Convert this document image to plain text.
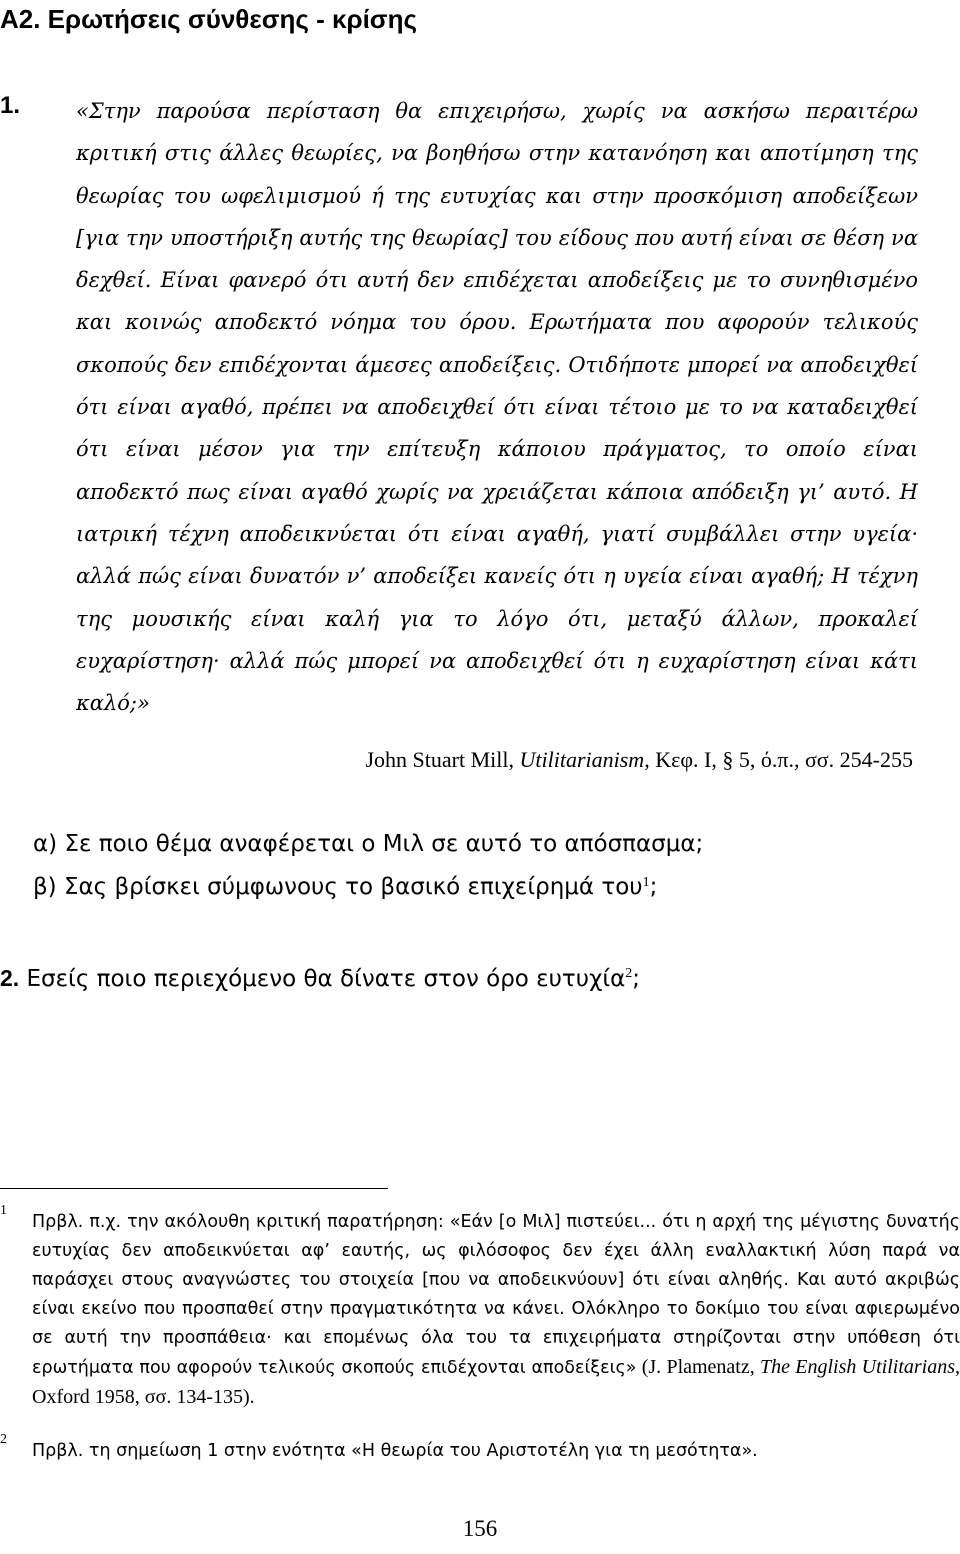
Α2. Ερωτήσεις σύνθεσης - κρίσης
1.	«Στην παρούσα περίσταση θα επιχειρήσω, χωρίς να ασκήσω περαιτέρω κριτική στις άλλες θεωρίες, να βοηθήσω στην κατανόηση και αποτίμηση της θεωρίας του ωφελιμισμού ή της ευτυχίας και στην προσκόμιση αποδείξεων [για την υποστήριξη αυτής της θεωρίας] του είδους που αυτή είναι σε θέση να δεχθεί. Είναι φανερό ότι αυτή δεν επιδέχεται αποδείξεις με το συνηθισμένο και κοινώς αποδεκτό νόημα του όρου. Ερωτήματα που αφορούν τελικούς σκοπούς δεν επιδέχονται άμεσες αποδείξεις. Οτιδήποτε μπορεί να αποδειχθεί ότι είναι αγαθό, πρέπει να αποδειχθεί ότι είναι τέτοιο με το να καταδειχθεί ότι είναι μέσον για την επίτευξη κάποιου πράγματος, το οποίο είναι αποδεκτό πως είναι αγαθό χωρίς να χρειάζεται κάποια απόδειξη γι’ αυτό. Η ιατρική τέχνη αποδεικνύεται ότι είναι αγαθή, γιατί συμβάλλει στην υγεία· αλλά πώς είναι δυνατόν ν’ αποδείξει κανείς ότι η υγεία είναι αγαθή; Η τέχνη της μουσικής είναι καλή για το λόγο ότι, μεταξύ άλλων, προκαλεί ευχαρίστηση· αλλά πώς μπορεί να αποδειχθεί ότι η ευχαρίστηση είναι κάτι καλό;»
John Stuart Mill, Utilitarianism, Κεφ. Ι, § 5, ό.π., σσ. 254-255
α) Σε ποιο θέμα αναφέρεται ο Μιλ σε αυτό το απόσπασμα;
β) Σας βρίσκει σύμφωνους το βασικό επιχείρημά του$^1$;
2. Εσείς ποιο περιεχόμενο θα δίνατε στον όρο ευτυχία$^2$;
1
Πρβλ. π.χ. την ακόλουθη κριτική παρατήρηση: «Εάν [ο Μιλ] πιστεύει... ότι η αρχή της μέγιστης δυνατής ευτυχίας δεν αποδεικνύεται αφ’ εαυτής, ως φιλόσοφος δεν έχει άλλη εναλλακτική λύση παρά να παράσχει στους αναγνώστες του στοιχεία [που να αποδεικνύουν] ότι είναι αληθής. Και αυτό ακριβώς είναι εκείνο που προσπαθεί στην πραγματικότητα να κάνει. Ολόκληρο το δοκίμιο του είναι αφιερωμένο σε αυτή την προσπάθεια· και επομένως όλα του τα επιχειρήματα στηρίζονται στην υπόθεση ότι ερωτήματα που αφορούν τελικούς σκοπούς επιδέχονται αποδείξεις» (J. Plamenatz, The English Utilitarians, Oxford 1958, σσ. 134-135).
2
Πρβλ. τη σημείωση 1 στην ενότητα «Η θεωρία του Αριστοτέλη για τη μεσότητα».
156
